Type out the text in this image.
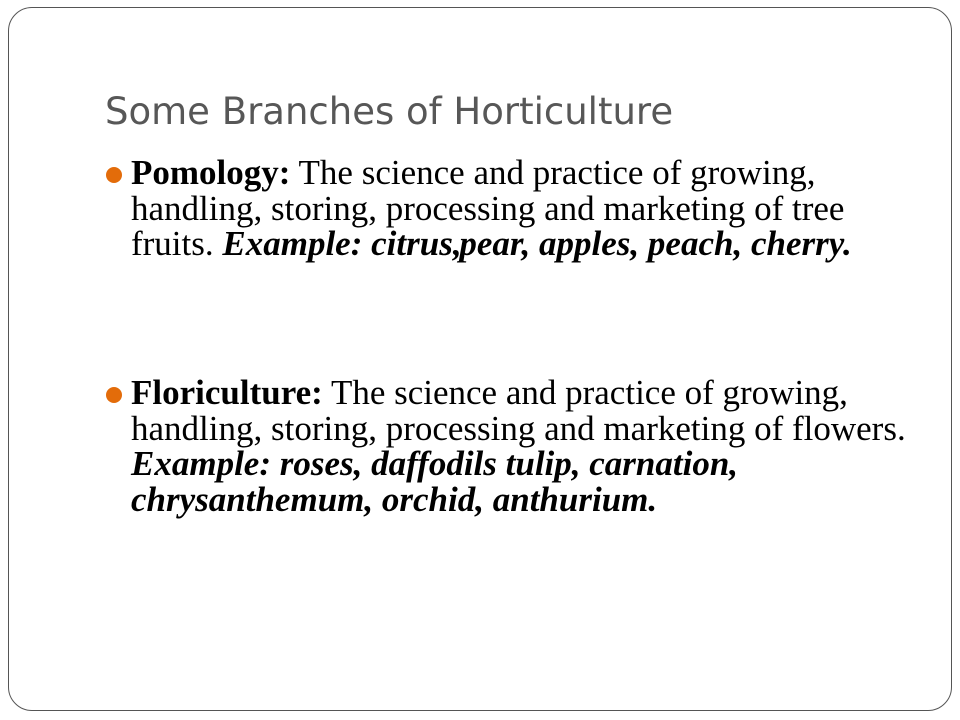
Some Branches of Horticulture

Pomology: The science and practice of growing, handling, storing, processing and marketing of tree fruits. Example: citrus, pear, apples, peach, cherry.

Floriculture: The science and practice of growing, handling, storing, processing and marketing of flowers. Example: roses, daffodils tulip, carnation, chrysanthemum, orchid, anthurium.
